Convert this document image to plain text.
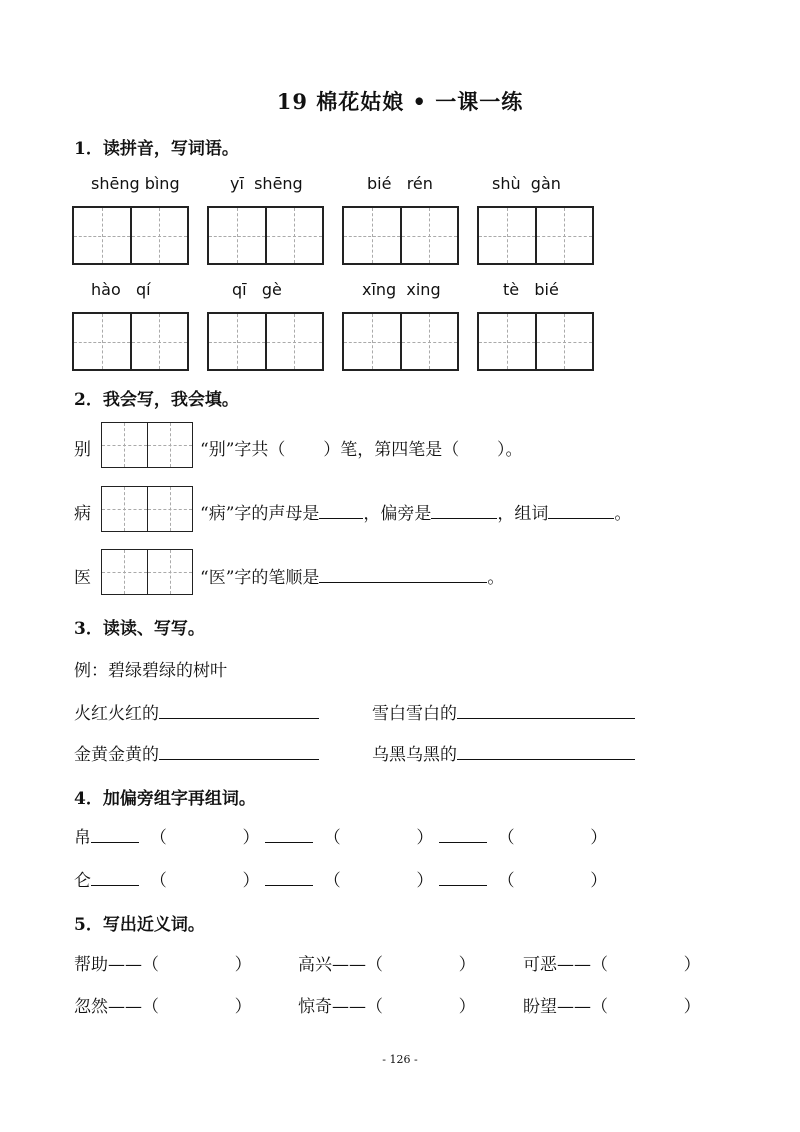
19 棉花姑娘 • 一课一练
1．读拼音，写词语。
shēng bìng	yī  shēng	bié   rén	shù  gàn
hào   qí	qī   gè	xīng  xing	tè   bié
2．我会写，我会填。
别	“别”字共（       ）笔，第四笔是（       ）。
病	“病”字的声母是	，偏旁是	，组词	。
医	“医”字的笔顺是	。
3．读读、写写。
例：碧绿碧绿的树叶
火红火红的	雪白雪白的
金黄金黄的	乌黑乌黑的
4．加偏旁组字再组词。
帛	（              ）	（              ）	（              ）
仑	（              ）	（              ）	（              ）
5．写出近义词。
帮助——（              ）	高兴——（              ）	可恶——（              ）
忽然——（              ）	惊奇——（              ）	盼望——（              ）
- 126 -
